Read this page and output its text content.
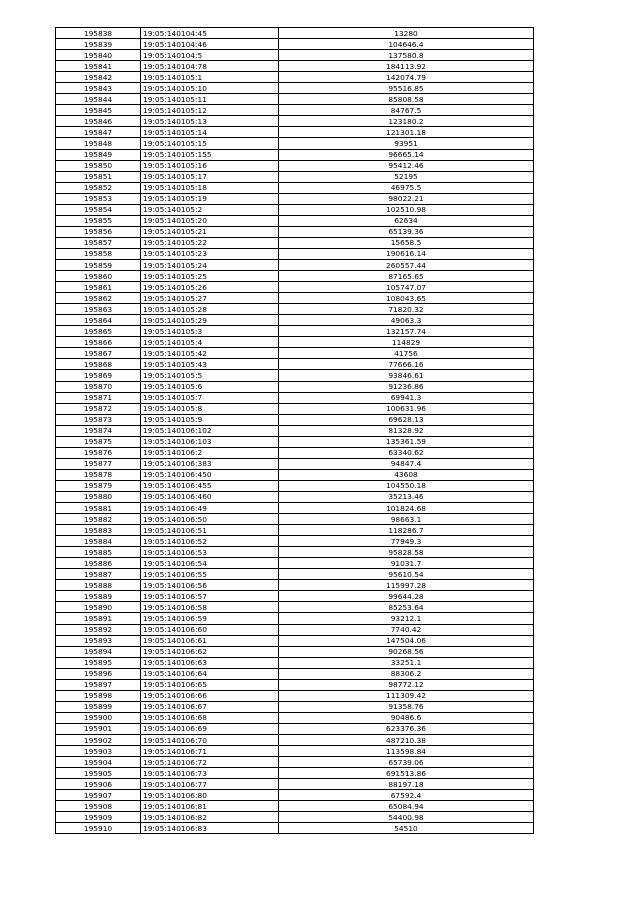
195838	19:05:140104:45	13280
195839	19:05:140104:46	104646.4
195840	19:05:140104:5	137580.8
195841	19:05:140104:78	184113.92
195842	19:05:140105:1	142074.79
195843	19:05:140105:10	95516.85
195844	19:05:140105:11	85808.58
195845	19:05:140105:12	84767.5
195846	19:05:140105:13	123180.2
195847	19:05:140105:14	121301.18
195848	19:05:140105:15	93951
195849	19:05:140105:155	96665.14
195850	19:05:140105:16	95412.46
195851	19:05:140105:17	52195
195852	19:05:140105:18	46975.5
195853	19:05:140105:19	98022.21
195854	19:05:140105:2	102510.98
195855	19:05:140105:20	62634
195856	19:05:140105:21	65139.36
195857	19:05:140105:22	15658.5
195858	19:05:140105:23	190616.14
195859	19:05:140105:24	260557.44
195860	19:05:140105:25	87165.65
195861	19:05:140105:26	105747.07
195862	19:05:140105:27	108043.65
195863	19:05:140105:28	71820.32
195864	19:05:140105:29	49063.3
195865	19:05:140105:3	132157.74
195866	19:05:140105:4	114829
195867	19:05:140105:42	41756
195868	19:05:140105:43	77666.16
195869	19:05:140105:5	93846.61
195870	19:05:140105:6	91236.86
195871	19:05:140105:7	69941.3
195872	19:05:140105:8	100631.96
195873	19:05:140105:9	69628.13
195874	19:05:140106:102	81328.92
195875	19:05:140106:103	135361.59
195876	19:05:140106:2	63340.62
195877	19:05:140106:383	94847.4
195878	19:05:140106:450	43608
195879	19:05:140106:455	104550.18
195880	19:05:140106:460	35213.46
195881	19:05:140106:49	101824.68
195882	19:05:140106:50	98663.1
195883	19:05:140106:51	118286.7
195884	19:05:140106:52	77949.3
195885	19:05:140106:53	95828.58
195886	19:05:140106:54	91031.7
195887	19:05:140106:55	95610.54
195888	19:05:140106:56	115997.28
195889	19:05:140106:57	99644.28
195890	19:05:140106:58	85253.64
195891	19:05:140106:59	93212.1
195892	19:05:140106:60	7740.42
195893	19:05:140106:61	147504.06
195894	19:05:140106:62	90268.56
195895	19:05:140106:63	33251.1
195896	19:05:140106:64	88306.2
195897	19:05:140106:65	98772.12
195898	19:05:140106:66	111309.42
195899	19:05:140106:67	91358.76
195900	19:05:140106:68	90486.6
195901	19:05:140106:69	623376.36
195902	19:05:140106:70	487210.38
195903	19:05:140106:71	113598.84
195904	19:05:140106:72	65739.06
195905	19:05:140106:73	691513.86
195906	19:05:140106:77	88197.18
195907	19:05:140106:80	67592.4
195908	19:05:140106:81	65084.94
195909	19:05:140106:82	54400.98
195910	19:05:140106:83	54510
